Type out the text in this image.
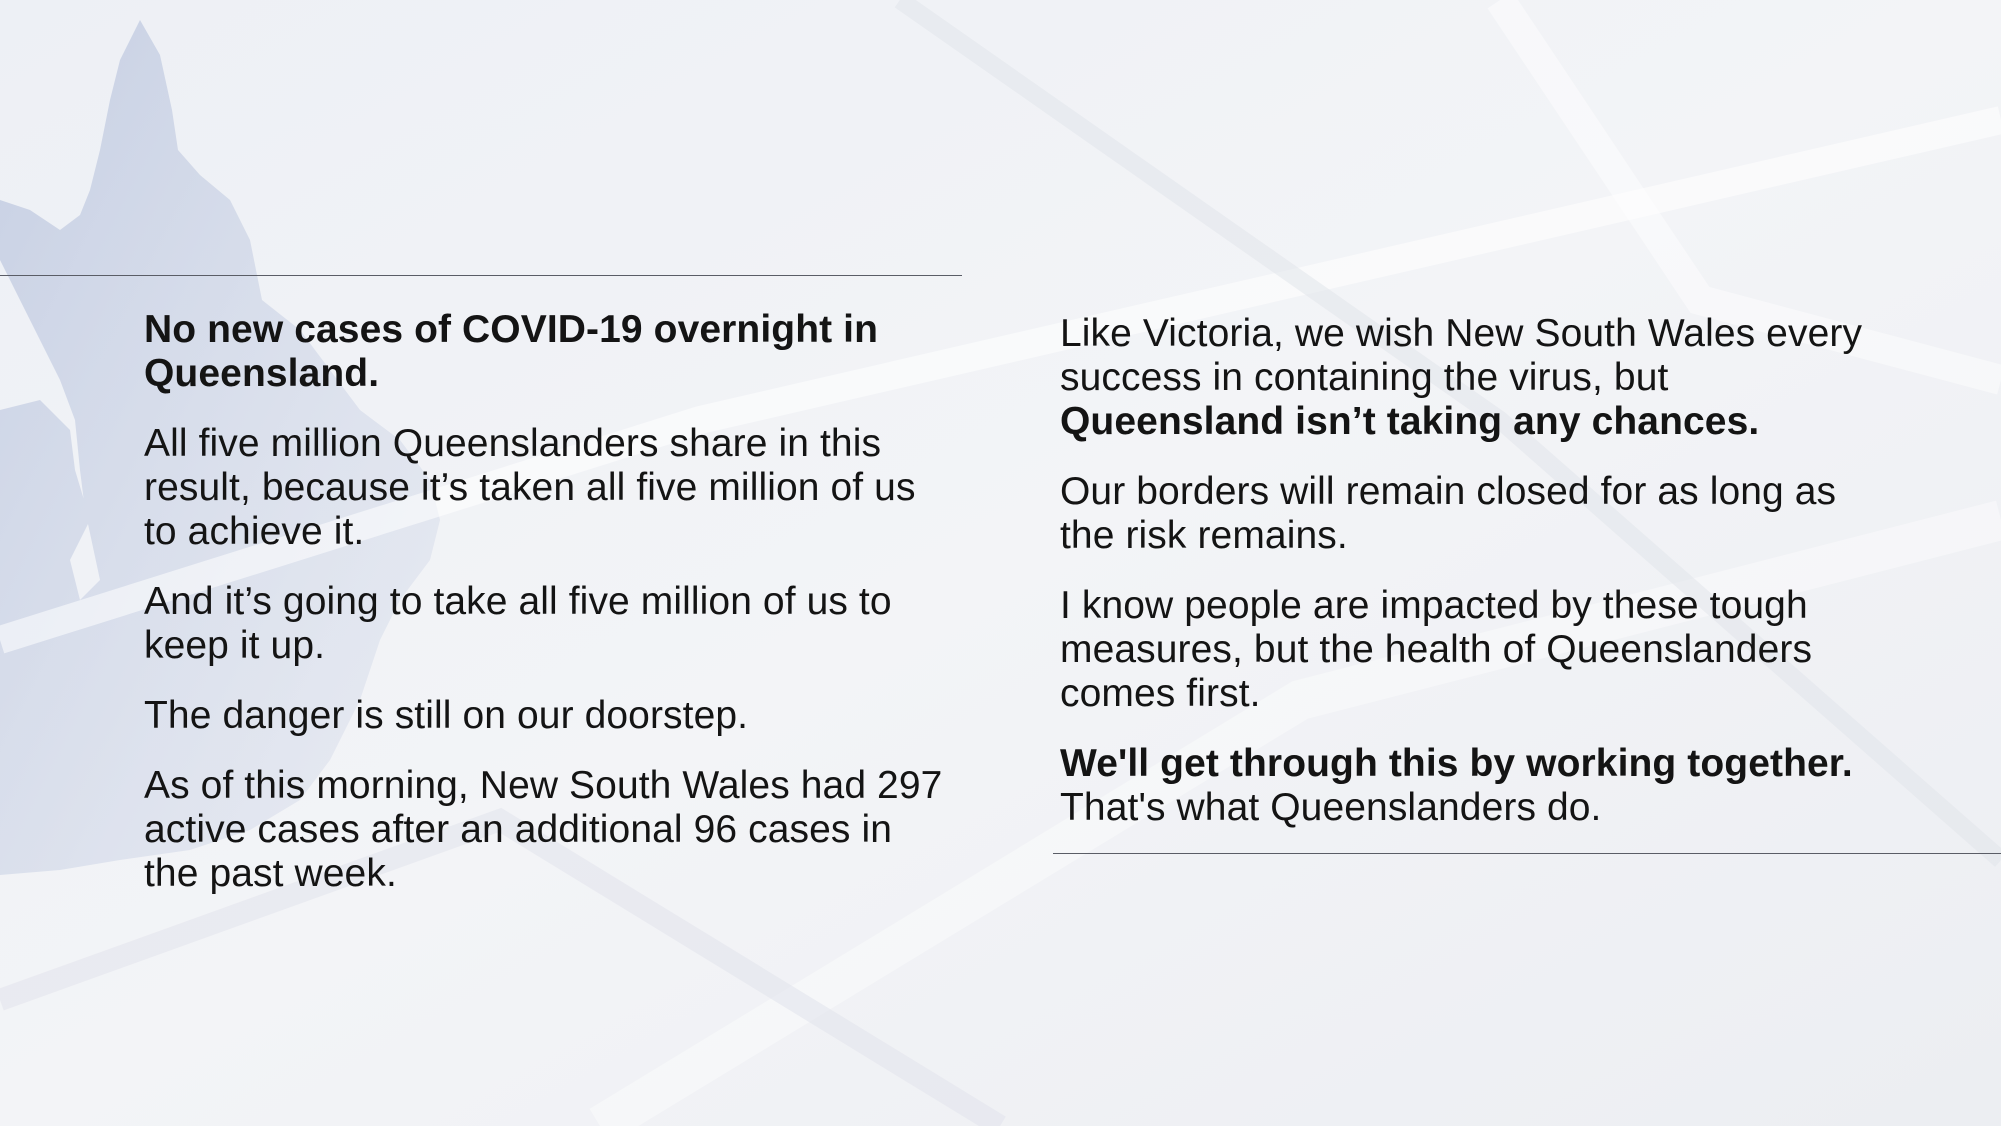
No new cases of COVID-19 overnight in
Queensland.

All five million Queenslanders share in this
result, because it’s taken all five million of us
to achieve it.

And it’s going to take all five million of us to
keep it up.

The danger is still on our doorstep.

As of this morning, New South Wales had 297
active cases after an additional 96 cases in
the past week.

Like Victoria, we wish New South Wales every
success in containing the virus, but
Queensland isn’t taking any chances.

Our borders will remain closed for as long as
the risk remains.

I know people are impacted by these tough
measures, but the health of Queenslanders
comes first.

We'll get through this by working together.
That's what Queenslanders do.
